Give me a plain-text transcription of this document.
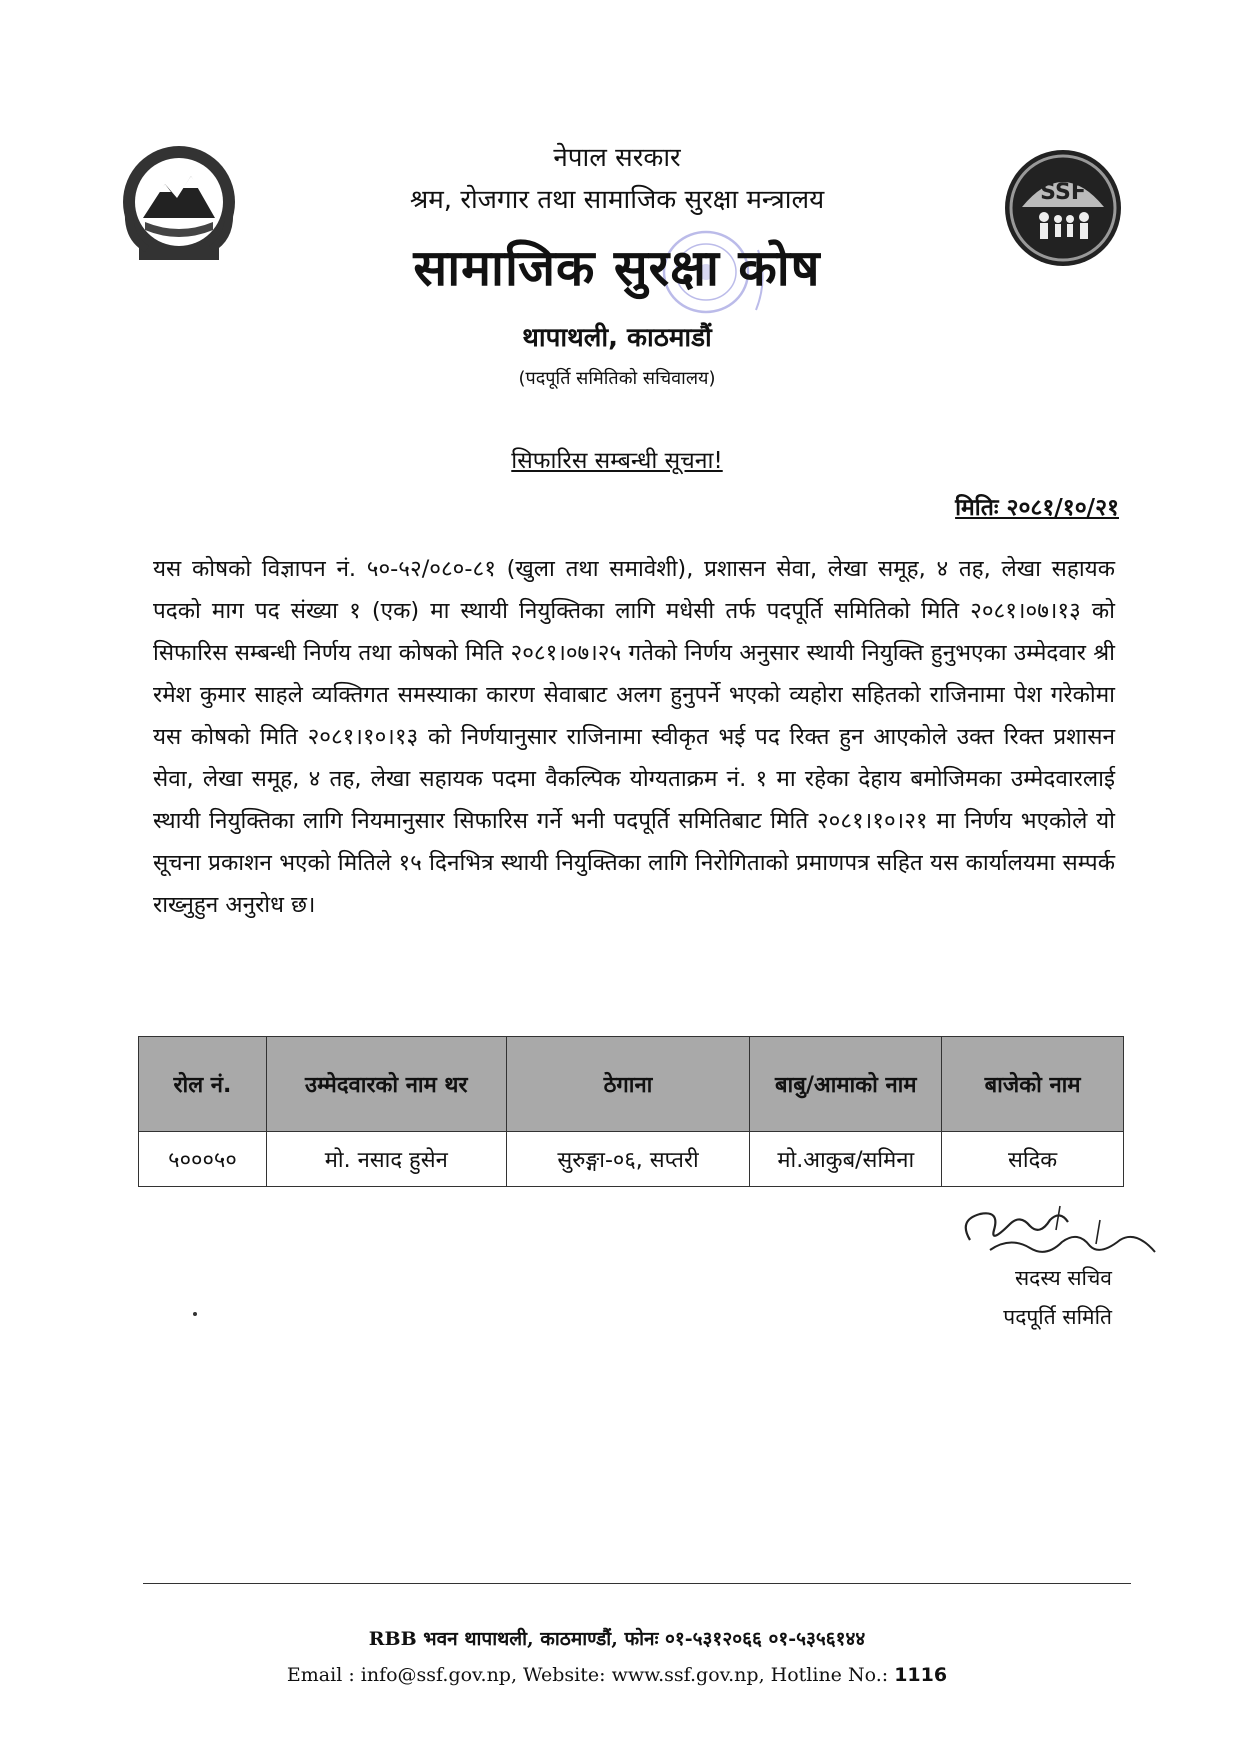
SSF
नेपाल सरकार
श्रम, रोजगार तथा सामाजिक सुरक्षा मन्त्रालय
सामाजिक सुरक्षा कोष
थापाथली, काठमाडौं
(पदपूर्ति समितिको सचिवालय)
सिफारिस सम्बन्धी सूचना!
मितिः २०८१/१०/२१
यस कोषको विज्ञापन नं. ५०-५२/०८०-८१ (खुला तथा समावेशी), प्रशासन सेवा, लेखा समूह, ४ तह, लेखा सहायक पदको माग पद संख्या १ (एक) मा स्थायी नियुक्तिका लागि मधेसी तर्फ पदपूर्ति समितिको मिति २०८१।०७।१३ को सिफारिस सम्बन्धी निर्णय तथा कोषको मिति २०८१।०७।२५ गतेको निर्णय अनुसार स्थायी नियुक्ति हुनुभएका उम्मेदवार श्री रमेश कुमार साहले व्यक्तिगत समस्याका कारण सेवाबाट अलग हुनुपर्ने भएको व्यहोरा सहितको राजिनामा पेश गरेकोमा यस कोषको मिति २०८१।१०।१३ को निर्णयानुसार राजिनामा स्वीकृत भई पद रिक्त हुन आएकोले उक्त रिक्त प्रशासन सेवा, लेखा समूह, ४ तह, लेखा सहायक पदमा वैकल्पिक योग्यताक्रम नं. १ मा रहेका देहाय बमोजिमका उम्मेदवारलाई स्थायी नियुक्तिका लागि नियमानुसार सिफारिस गर्ने भनी पदपूर्ति समितिबाट मिति २०८१।१०।२१ मा निर्णय भएकोले यो सूचना प्रकाशन भएको मितिले १५ दिनभित्र स्थायी नियुक्तिका लागि निरोगिताको प्रमाणपत्र सहित यस कार्यालयमा सम्पर्क राख्नुहुन अनुरोध छ।
रोल नं.	उम्मेदवारको नाम थर	ठेगाना	बाबु/आमाको नाम	बाजेको नाम
५०००५०	मो. नसाद हुसेन	सुरुङ्गा-०६, सप्तरी	मो.आकुब/समिना	सदिक
सदस्य सचिव
पदपूर्ति समिति
RBB भवन थापाथली, काठमाण्डौं, फोनः ०१-५३१२०६६ ०१-५३५६१४४
Email : info@ssf.gov.np, Website: www.ssf.gov.np, Hotline No.: 1116
